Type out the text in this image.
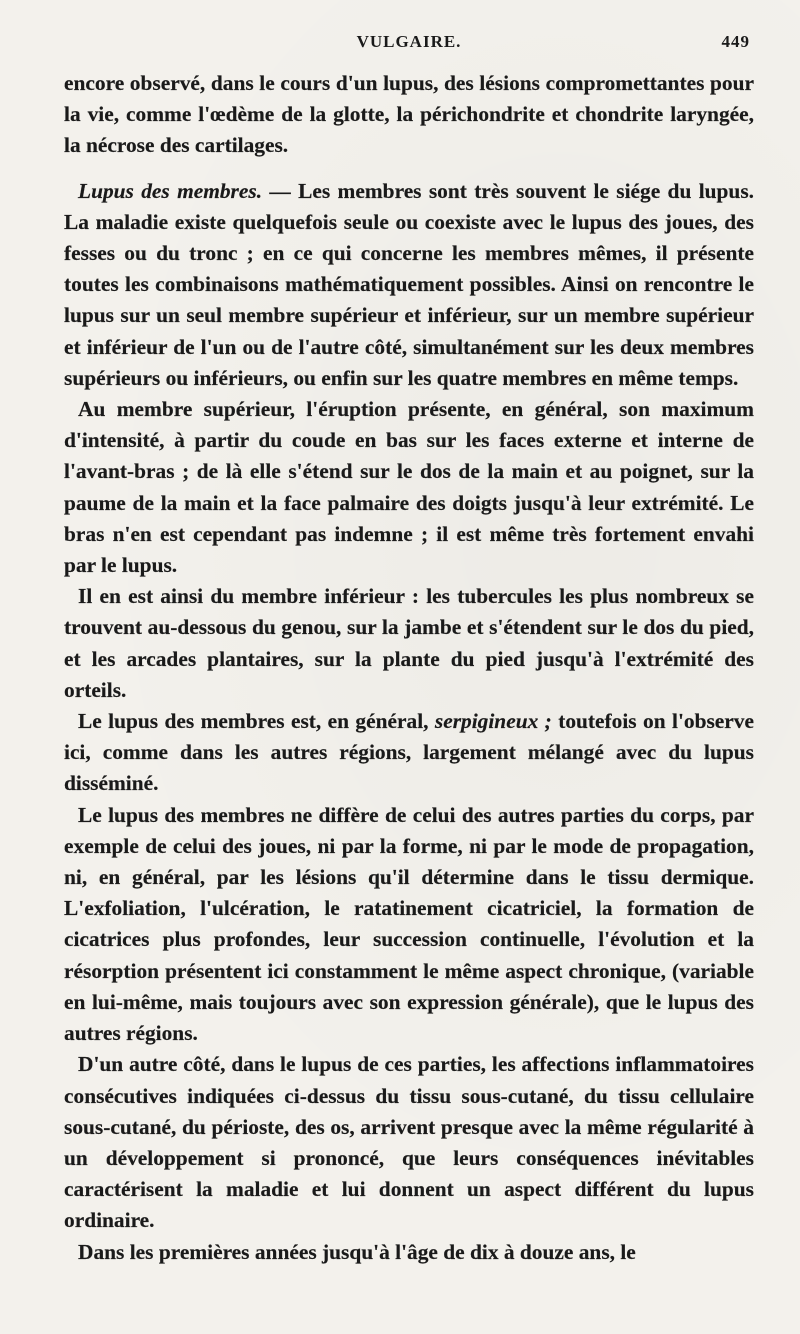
VULGAIRE.	449

encore observé, dans le cours d'un lupus, des lésions compromettantes pour la vie, comme l'œdème de la glotte, la périchondrite et chondrite laryngée, la nécrose des cartilages.

Lupus des membres. — Les membres sont très souvent le siége du lupus. La maladie existe quelquefois seule ou coexiste avec le lupus des joues, des fesses ou du tronc ; en ce qui concerne les membres mêmes, il présente toutes les combinaisons mathématiquement possibles. Ainsi on rencontre le lupus sur un seul membre supérieur et inférieur, sur un membre supérieur et inférieur de l'un ou de l'autre côté, simultanément sur les deux membres supérieurs ou inférieurs, ou enfin sur les quatre membres en même temps.

Au membre supérieur, l'éruption présente, en général, son maximum d'intensité, à partir du coude en bas sur les faces externe et interne de l'avant-bras ; de là elle s'étend sur le dos de la main et au poignet, sur la paume de la main et la face palmaire des doigts jusqu'à leur extrémité. Le bras n'en est cependant pas indemne ; il est même très fortement envahi par le lupus.

Il en est ainsi du membre inférieur : les tubercules les plus nombreux se trouvent au-dessous du genou, sur la jambe et s'étendent sur le dos du pied, et les arcades plantaires, sur la plante du pied jusqu'à l'extrémité des orteils.

Le lupus des membres est, en général, serpigineux ; toutefois on l'observe ici, comme dans les autres régions, largement mélangé avec du lupus disséminé.

Le lupus des membres ne diffère de celui des autres parties du corps, par exemple de celui des joues, ni par la forme, ni par le mode de propagation, ni, en général, par les lésions qu'il détermine dans le tissu dermique. L'exfoliation, l'ulcération, le ratatinement cicatriciel, la formation de cicatrices plus profondes, leur succession continuelle, l'évolution et la résorption présentent ici constamment le même aspect chronique, (variable en lui-même, mais toujours avec son expression générale), que le lupus des autres régions.

D'un autre côté, dans le lupus de ces parties, les affections inflammatoires consécutives indiquées ci-dessus du tissu sous-cutané, du tissu cellulaire sous-cutané, du périoste, des os, arrivent presque avec la même régularité à un développement si prononcé, que leurs conséquences inévitables caractérisent la maladie et lui donnent un aspect différent du lupus ordinaire.

Dans les premières années jusqu'à l'âge de dix à douze ans, le
